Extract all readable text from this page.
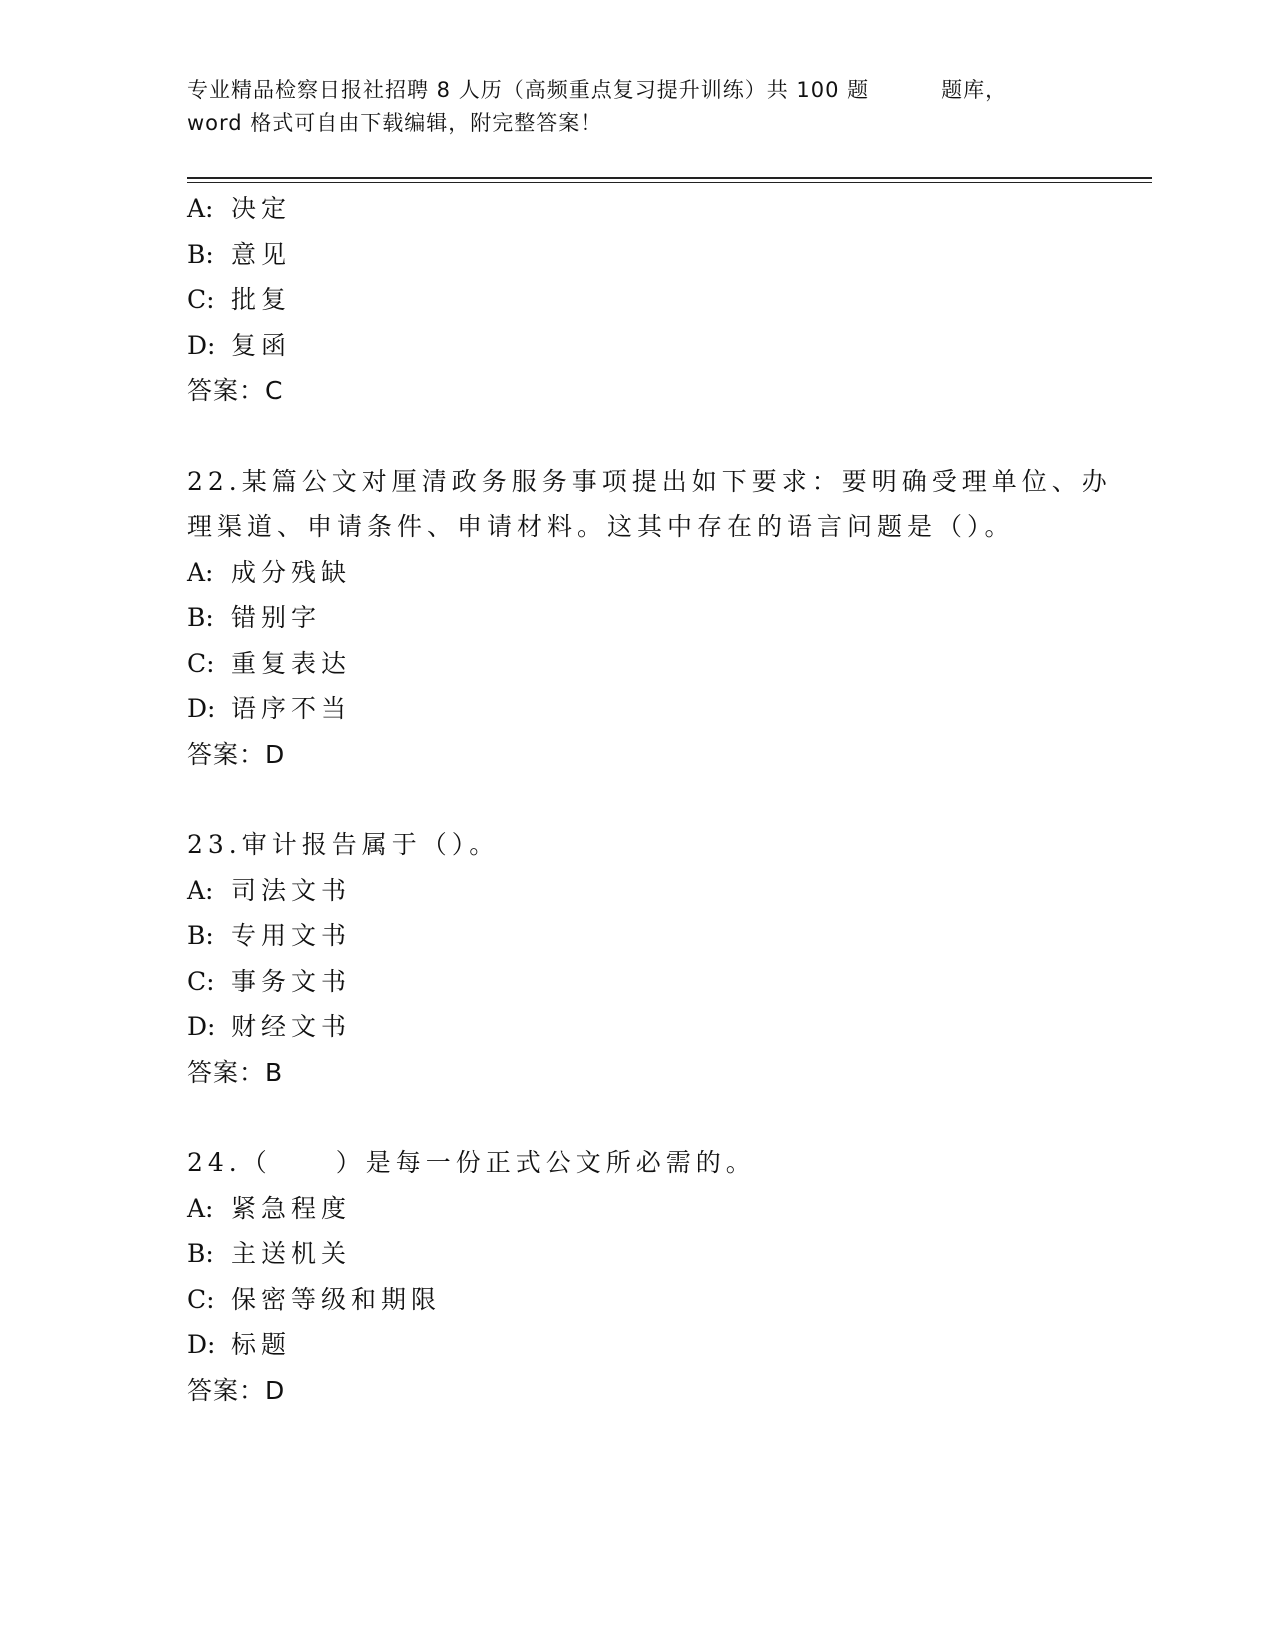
专业精品检察日报社招聘 8 人历（高频重点复习提升训练）共 100 题	题库，
word 格式可自由下载编辑，附完整答案！
A: 决定
B: 意见
C: 批复
D: 复函
答案：C
22.某篇公文对厘清政务服务事项提出如下要求：要明确受理单位、办
理渠道、申请条件、申请材料。这其中存在的语言问题是（）。
A: 成分残缺
B: 错别字
C: 重复表达
D: 语序不当
答案：D
23.审计报告属于（）。
A: 司法文书
B: 专用文书
C: 事务文书
D: 财经文书
答案：B
24.（	）是每一份正式公文所必需的。
A: 紧急程度
B: 主送机关
C: 保密等级和期限
D: 标题
答案：D
